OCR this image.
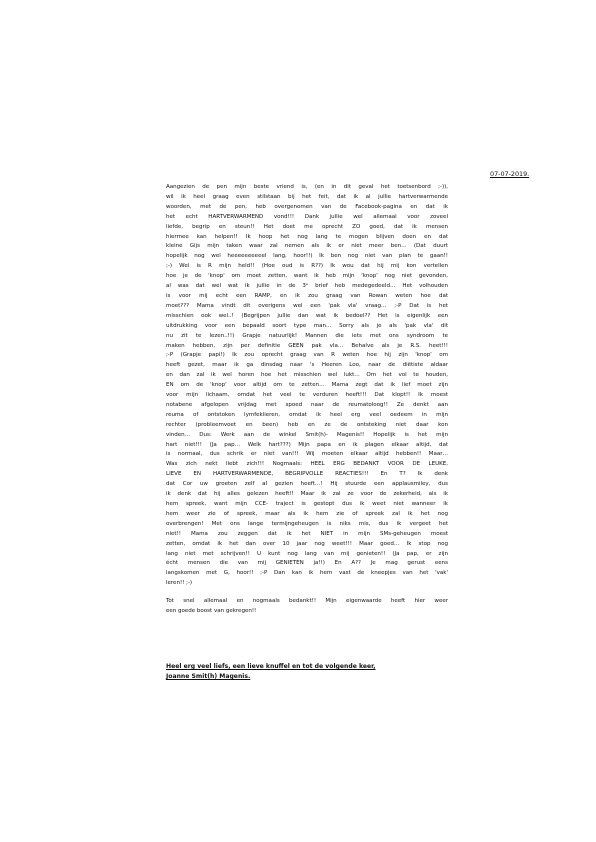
07-07-2019.
Aangezien de pen mijn beste vriend is, (en in dit geval het toetsenbord ;-)),
wil ik heel graag even stilstaan bij het feit, dat ik al jullie hartverwarmende
woorden, met de pen, heb overgenomen van de Facebook-pagina en dat ik
het echt HARTVERWARMEND vond!!! Dank jullie wel allemaal voor zoveel
liefde, begrip en steun!! Het doet me oprecht ZO goed, dat ik mensen
hiermee kan helpen!! Ik hoop het nog lang te mogen blijven doen en dat
kleine Gijs mijn taken waar zal nemen als ik er niet meer ben… (Dat duurt
hopelijk nog wel heeeeeeeeeel lang, hoor!!) Ik ben nog niet van plan te gaan!!
;-) Wel is R mijn held!! (Hoe oud is R??) Ik wou dat hij mij kon vertellen
hoe je de 'knop' om moet zetten, want ik heb mijn 'knop' nog niet gevonden,
al was dat wel wat ik jullie in de 3ᵉ brief heb medegedeeld… Het volhouden
is voor mij echt een RAMP, en ik zou graag van Rowan weten hoe dat
moet??? Mama vindt dit overigens wel een 'pak vla' vraag… ;-P Dat is het
misschien ook wel..! (Begrijpen jullie dan wat ik bedoel?? Het is eigenlijk een
uitdrukking voor een bepaald soort type man… Sorry als je als 'pak vla' dit
nu zit te lezen..!!) Grapje natuurlijk! Mannen die iets met ons syndroom te
maken hebben, zijn per definitie GEEN pak vla… Behalve als je R.S. heet!!!
;-P (Grapje papi!) Ik zou oprecht graag van R weten hoe hij zijn 'knop' om
heeft gezet, maar ik ga dinsdag naar 's Heeren Loo, naar de diëtiste aldaar
en dan zal ik wel horen hoe het misschien wel lukt… Om het vol te houden,
EN om de 'knop' voor altijd om te zetten… Mama zegt dat ik lief moet zijn
voor mijn lichaam, omdat het veel te verduren heeft!!! Dat klopt!! Ik moest
notabene afgelopen vrijdag met spoed naar de reumatoloog!! Ze denkt aan
reuma of ontstoken lymfeklieren, omdat ik heel erg veel oedeem in mijn
rechter (probleemvoet en been) heb en ze de ontsteking niet daar kon
vinden… Dus: Werk aan de winkel Smit(h)- Magenis!! Hopelijk is het mijn
hart niet!!! (Ja pap… Welk hart???) Mijn papa en ik plagen elkaar altijd, dat
is normaal, dus schrik er niet van!!! Wij moeten elkaar altijd hebben!! Maar…
Was zich nekt liebt zich!!! Nogmaals: HEEL ERG BEDANKT VOOR DE LEUKE,
LIEVE EN HARTVERWARMENDE, BEGRIPVOLLE REACTIES!!! En T? Ik denk
dat Cor uw groeten zelf al gezien heeft…! Hij stuurde een applausmiley, dus
ik denk dat hij alles gelezen heeft!! Maar ik zal ze voor de zekerheid, als ik
hem spreek, want mijn CCE- traject is gestopt dus ik weet niet wanneer ik
hem weer zie of spreek, maar als ik hem zie of spreek zal ik het nog
overbrengen! Met ons lange termijngeheugen is niks mis, dus ik vergeet het
niet!! Mama zou zeggen dat ik het NIET in mijn SMs-geheugen moest
zetten, omdat ik het dan over 10 jaar nog weet!!! Maar goed… Ik stop nog
lang niet met schrijven!! U kunt nog lang van mij genieten!! (Ja pap, er zijn
écht mensen die van mij GENIETEN ja!!) En A?? Je mag gerust eens
langskomen met G, hoor!! ;-P Dan kan ik hem vast de kneepjes van het 'vak'
leren!! ;-)
Tot snel allemaal en nogmaals bedankt!! Mijn eigenwaarde heeft hier weer
een goede boost van gekregen!!
Heel erg veel liefs, een lieve knuffel en tot de volgende keer,
Joanne Smit(h) Magenis.
